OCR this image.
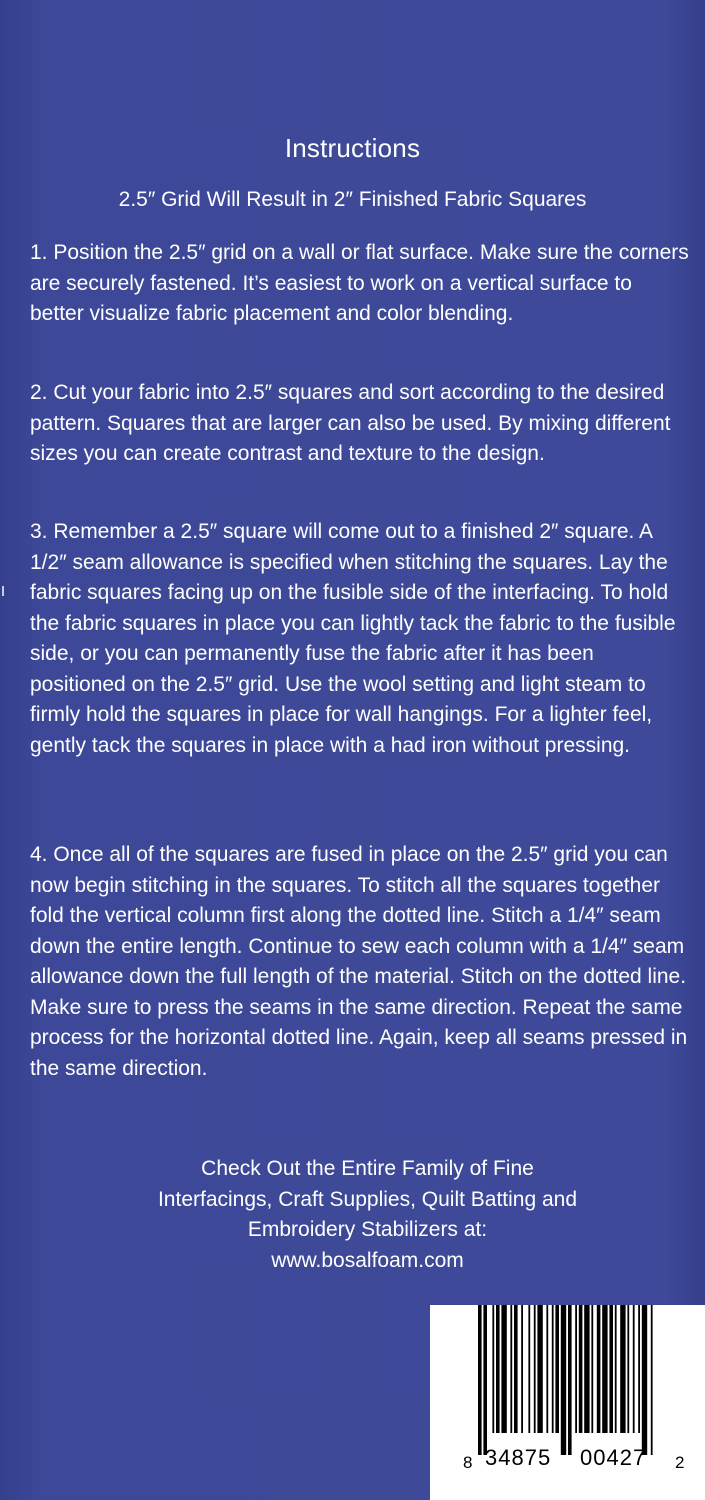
Instructions
2.5″ Grid Will Result in 2″ Finished Fabric Squares
1. Position the 2.5″ grid on a wall or flat surface. Make sure the corners are securely fastened. It’s easiest to work on a vertical surface to better visualize fabric placement and color blending.
2. Cut your fabric into 2.5″ squares and sort according to the desired pattern. Squares that are larger can also be used. By mixing different sizes you can create contrast and texture to the design.
3. Remember a 2.5″ square will come out to a finished 2″ square. A 1/2″ seam allowance is specified when stitching the squares. Lay the fabric squares facing up on the fusible side of the interfacing. To hold the fabric squares in place you can lightly tack the fabric to the fusible side, or you can permanently fuse the fabric after it has been positioned on the 2.5″ grid. Use the wool setting and light steam to firmly hold the squares in place for wall hangings. For a lighter feel, gently tack the squares in place with a had iron without pressing.
4. Once all of the squares are fused in place on the 2.5″ grid you can now begin stitching in the squares. To stitch all the squares together fold the vertical column first along the dotted line. Stitch a 1/4″ seam down the entire length. Continue to sew each column with a 1/4″ seam allowance down the full length of the material. Stitch on the dotted line. Make sure to press the seams in the same direction. Repeat the same process for the horizontal dotted line. Again, keep all seams pressed in the same direction.
Check Out the Entire Family of Fine
Interfacings, Craft Supplies, Quilt Batting and
Embroidery Stabilizers at:
www.bosalfoam.com
8 34875 00427 2
